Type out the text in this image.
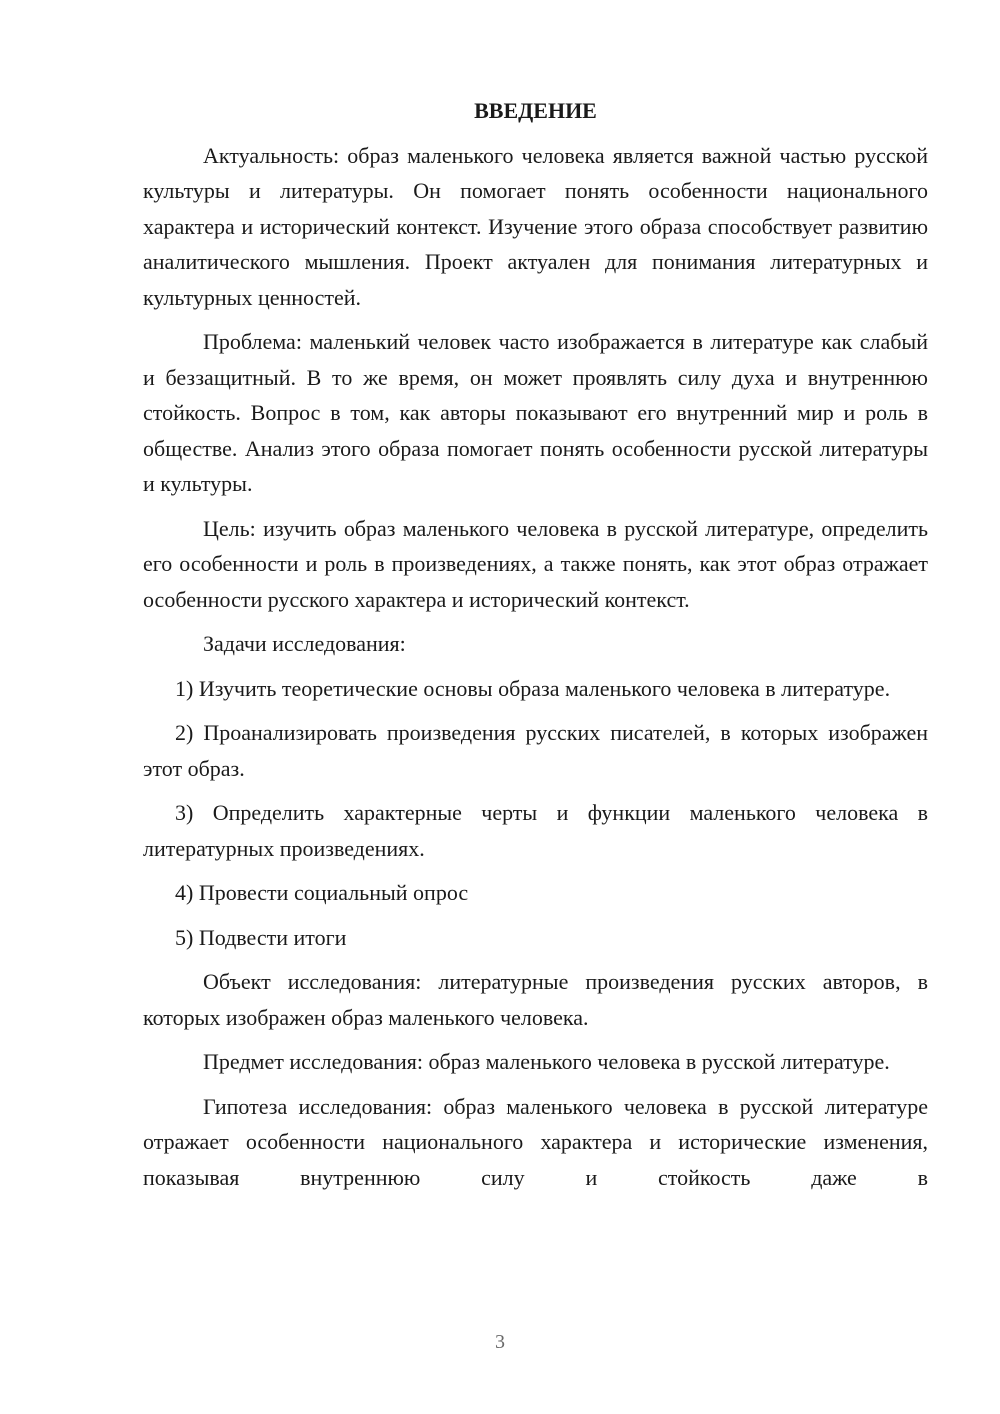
ВВЕДЕНИЕ

Актуальность: образ маленького человека является важной частью русской культуры и литературы. Он помогает понять особенности национального характера и исторический контекст. Изучение этого образа способствует развитию аналитического мышления. Проект актуален для понимания литературных и культурных ценностей.

Проблема: маленький человек часто изображается в литературе как слабый и беззащитный. В то же время, он может проявлять силу духа и внутреннюю стойкость. Вопрос в том, как авторы показывают его внутренний мир и роль в обществе. Анализ этого образа помогает понять особенности русской литературы и культуры.

Цель: изучить образ маленького человека в русской литературе, определить его особенности и роль в произведениях, а также понять, как этот образ отражает особенности русского характера и исторический контекст.

Задачи исследования:

1) Изучить теоретические основы образа маленького человека в литературе.

2) Проанализировать произведения русских писателей, в которых изображен этот образ.

3) Определить характерные черты и функции маленького человека в литературных произведениях.

4) Провести социальный опрос

5) Подвести итоги

Объект исследования: литературные произведения русских авторов, в которых изображен образ маленького человека.

Предмет исследования: образ маленького человека в русской литературе.

Гипотеза исследования: образ маленького человека в русской литературе отражает особенности национального характера и исторические изменения, показывая внутреннюю силу и стойкость даже в

3
